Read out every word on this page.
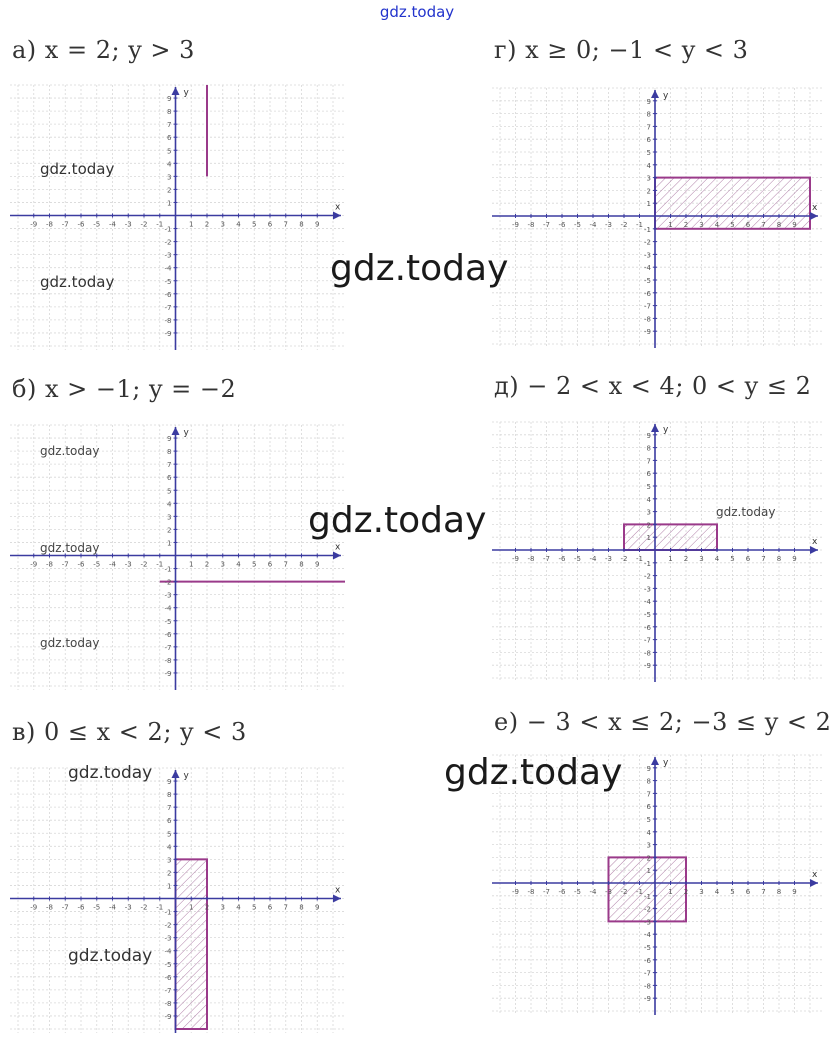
gdz.today
а) x = 2; y > 3	г) x ≥ 0; −1 < y < 3
б) x > −1; y = −2	д) − 2 < x < 4; 0 < y ≤ 2
в) 0 ≤ x < 2; y < 3	е) − 3 < x ≤ 2; −3 ≤ y < 2
x
y
-9
-9
-8
-8
-7
-7
-6
-6
-5
-5
-4
-4
-3
-3
-2
-2
-1
-1
1
1
2
2
3
3
4
4
5
5
6
6
7
7
8
8
9
9
x
y
-9
-9
-8
-8
-7
-7
-6
-6
-5
-5
-4
-4
-3
-3
-2
-2
-1
-1
1
1
2
2
3
3
4
4
5
5
6
6
7
7
8
8
9
9
x
y
-9
-9
-8
-8
-7
-7
-6
-6
-5
-5
-4
-4
-3
-3
-2
-2
-1
-1
1
1
2
2
3
3
4
4
5
5
6
6
7
7
8
8
9
9
x
y
-9
-9
-8
-8
-7
-7
-6
-6
-5
-5
-4
-4
-3
-3
-2
-2
-1
-1
1
1
2
2
3
3
4
4
5
5
6
6
7
7
8
8
9
9
x
y
-9
-9
-8
-8
-7
-7
-6
-6
-5
-5
-4
-4
-3
-3
-2
-2
-1
-1
1
1
2
2
3
3
4
4
5
5
6
6
7
7
8
8
9
9
x
y
-9
-9
-8
-8
-7
-7
-6
-6
-5
-5
-4
-4
-3
-3
-2
-2
-1
-1
1
1
2
2
3
3
4
4
5
5
6
6
7
7
8
8
9
9
gdz.today
gdz.today	gdz.today
gdz.today
gdz.today
gdz.today
gdz.today	gdz.today
gdz.today
gdz.today
gdz.today
